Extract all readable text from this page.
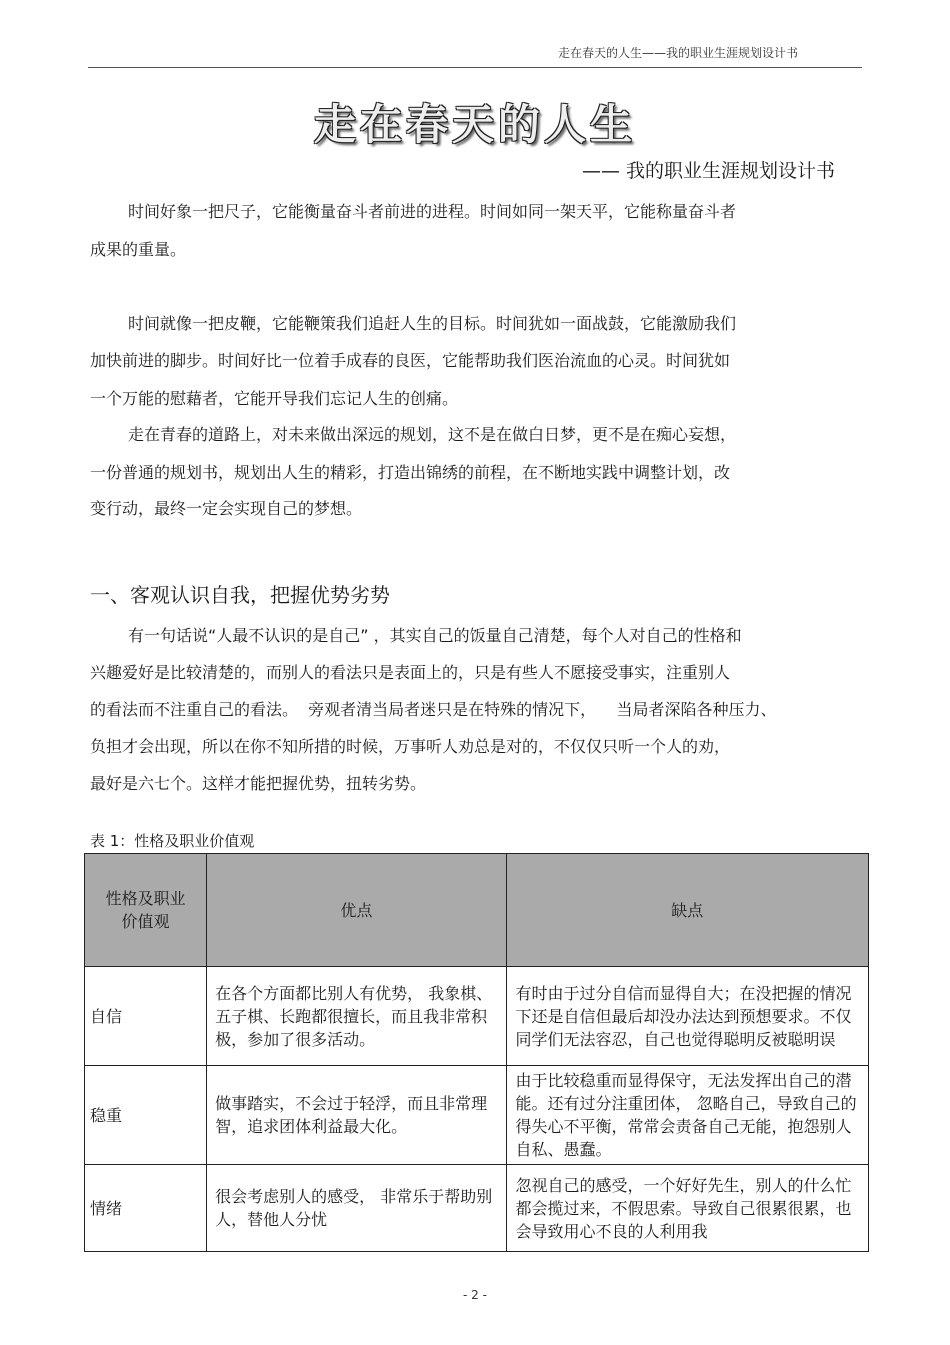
走在春天的人生——我的职业生涯规划设计书
走在春天的人生
—— 我的职业生涯规划设计书
时间好象一把尺子，它能衡量奋斗者前进的进程。时间如同一架天平，它能称量奋斗者
成果的重量。
时间就像一把皮鞭，它能鞭策我们追赶人生的目标。时间犹如一面战鼓，它能激励我们
加快前进的脚步。时间好比一位着手成春的良医，它能帮助我们医治流血的心灵。时间犹如
一个万能的慰藉者，它能开导我们忘记人生的创痛。
走在青春的道路上，对未来做出深远的规划，这不是在做白日梦，更不是在痴心妄想，
一份普通的规划书，规划出人生的精彩，打造出锦绣的前程，在不断地实践中调整计划，改
变行动，最终一定会实现自己的梦想。
一、客观认识自我，把握优势劣势
有一句话说“人最不认识的是自己” ，其实自己的饭量自己清楚，每个人对自己的性格和
兴趣爱好是比较清楚的，而别人的看法只是表面上的，只是有些人不愿接受事实，注重别人
的看法而不注重自己的看法。  旁观者清当局者迷只是在特殊的情况下，    当局者深陷各种压力、
负担才会出现，所以在你不知所措的时候，万事听人劝总是对的，不仅仅只听一个人的劝，
最好是六七个。这样才能把握优势，扭转劣势。
表 1：性格及职业价值观
性格及职业价值观	优点	缺点
自信	在各个方面都比别人有优势， 我象棋、五子棋、长跑都很擅长，而且我非常积极，参加了很多活动。	有时由于过分自信而显得自大；在没把握的情况下还是自信但最后却没办法达到预想要求。不仅同学们无法容忍，自己也觉得聪明反被聪明误
稳重	做事踏实，不会过于轻浮，而且非常理智，追求团体利益最大化。	由于比较稳重而显得保守，无法发挥出自己的潜能。还有过分注重团体， 忽略自己，导致自己的得失心不平衡，常常会责备自己无能，抱怨别人自私、愚蠢。
情绪	很会考虑别人的感受， 非常乐于帮助别人，替他人分忧	忽视自己的感受，一个好好先生，别人的什么忙都会揽过来，不假思索。导致自己很累很累，也会导致用心不良的人利用我
- 2 -
